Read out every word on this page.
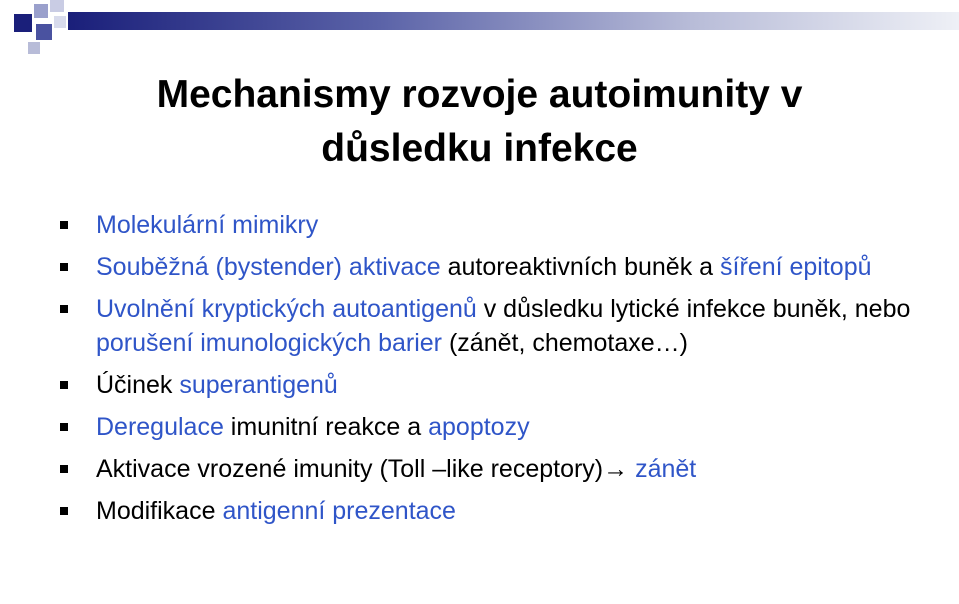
Mechanismy rozvoje autoimunity v
důsledku infekce
Molekulární mimikry
Souběžná (bystender) aktivace autoreaktivních buněk a šíření epitopů
Uvolnění kryptických autoantigenů v důsledku lytické infekce buněk, nebo porušení imunologických barier (zánět, chemotaxe…)
Účinek superantigenů
Deregulace imunitní reakce a apoptozy
Aktivace vrozené imunity (Toll –like receptory)→ zánět
Modifikace antigenní prezentace
